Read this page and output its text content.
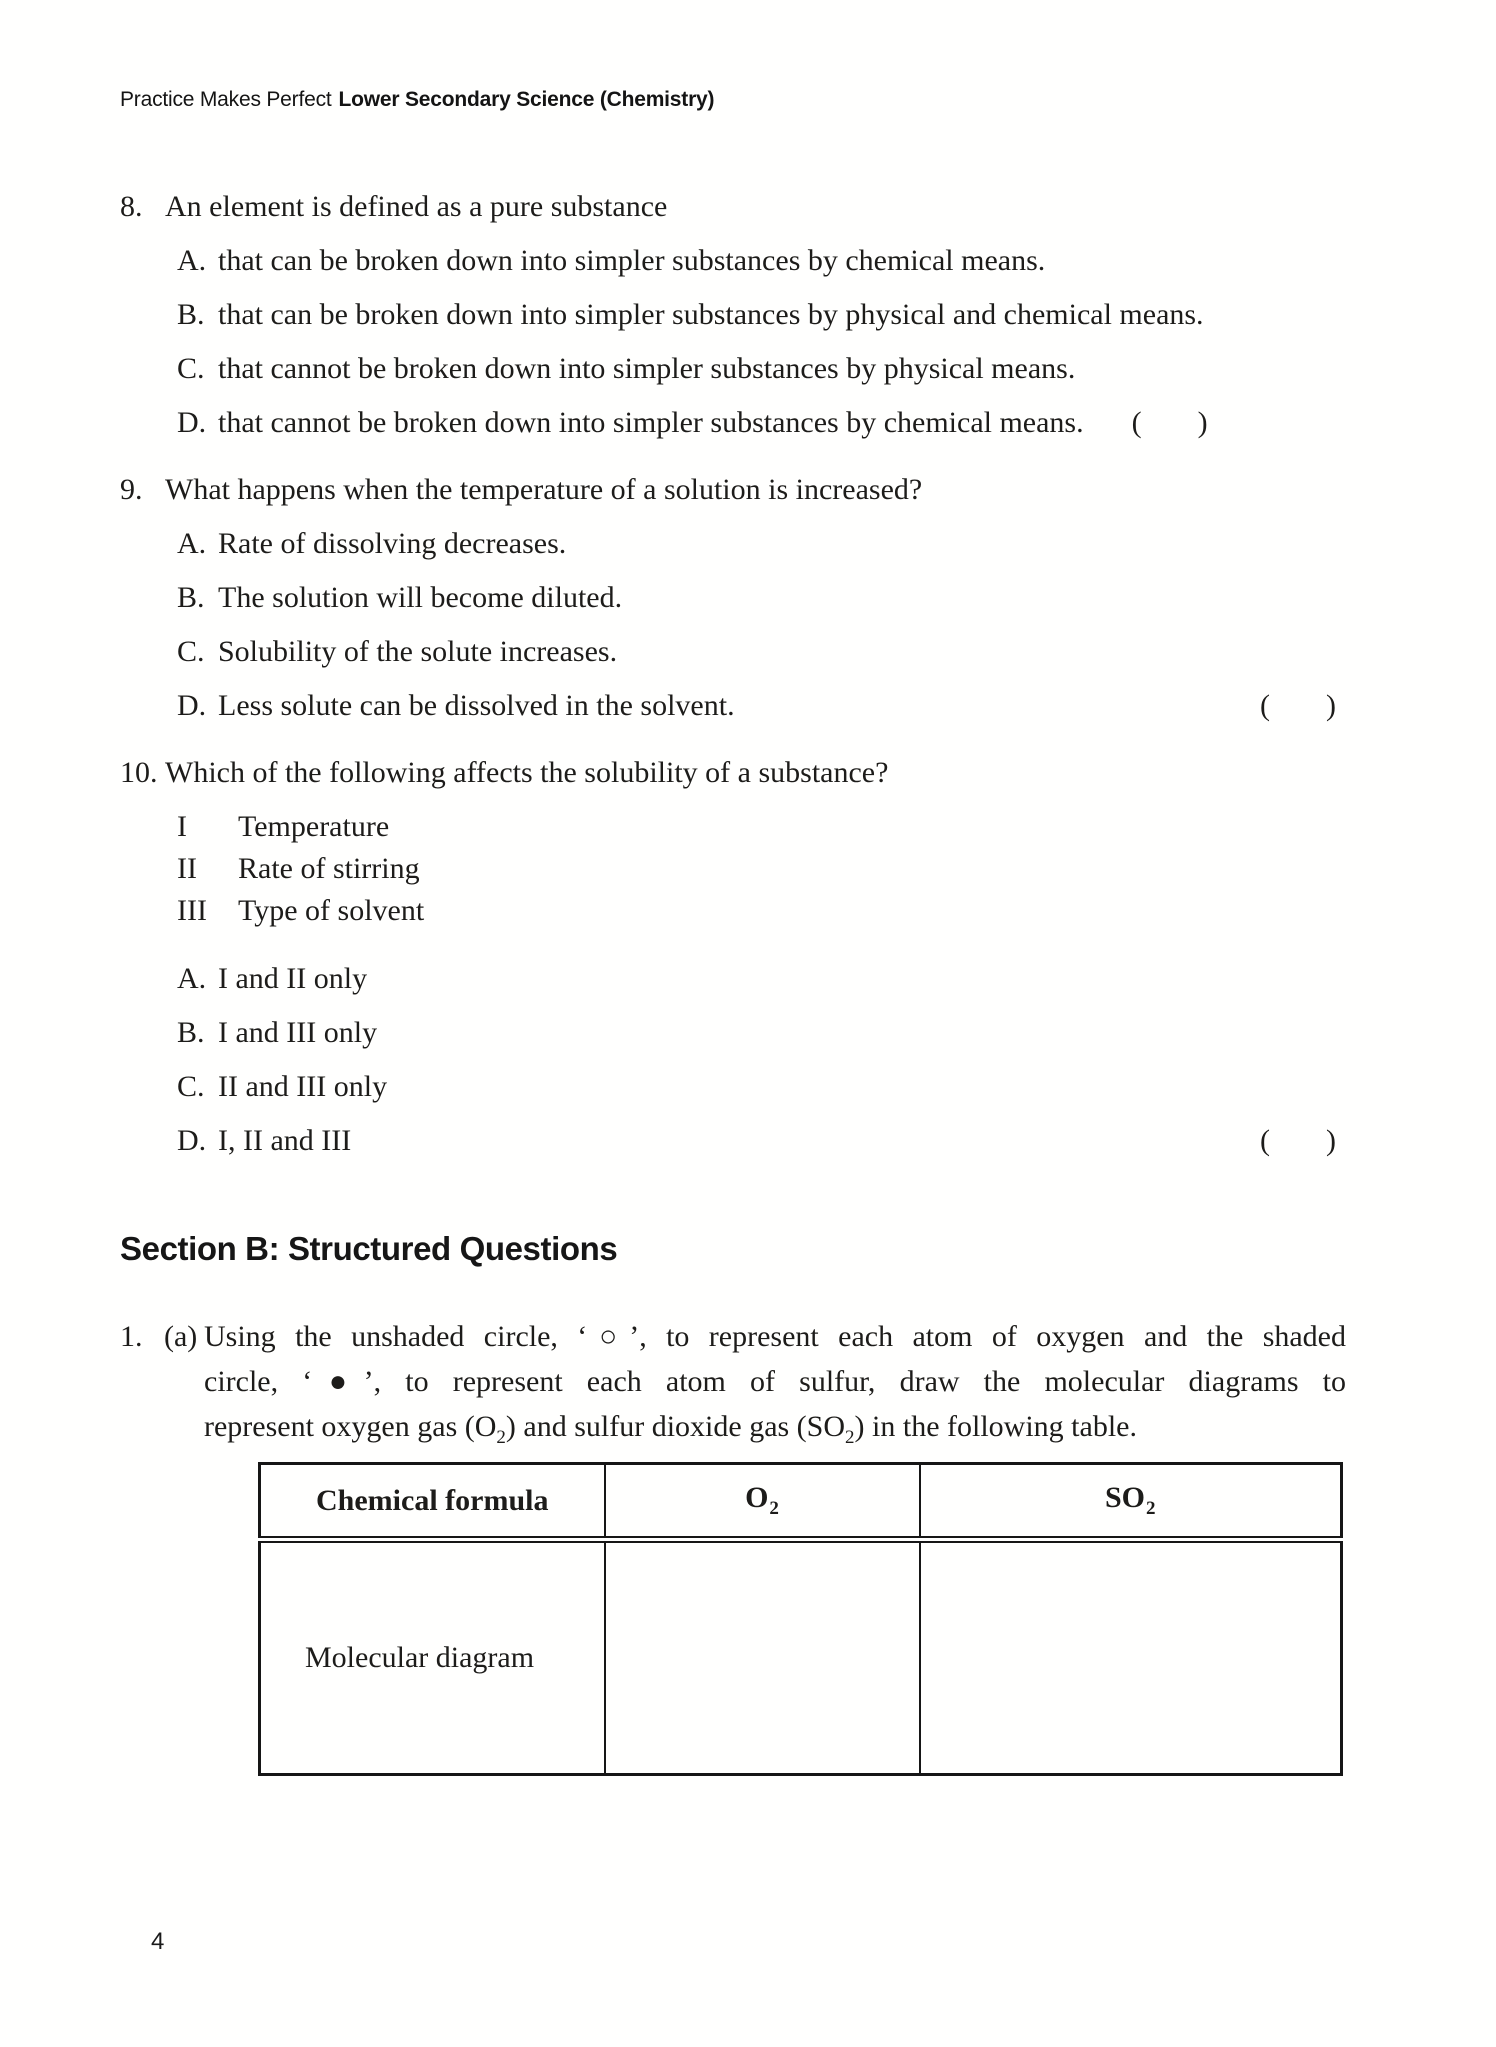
Practice Makes Perfect Lower Secondary Science (Chemistry)
8. An element is defined as a pure substance
A. that can be broken down into simpler substances by chemical means.
B. that can be broken down into simpler substances by physical and chemical means.
C. that cannot be broken down into simpler substances by physical means.
D. that cannot be broken down into simpler substances by chemical means. ( )
9. What happens when the temperature of a solution is increased?
A. Rate of dissolving decreases.
B. The solution will become diluted.
C. Solubility of the solute increases.
D. Less solute can be dissolved in the solvent.	( )
10. Which of the following affects the solubility of a substance?
I	Temperature
II	Rate of stirring
III	Type of solvent
A. I and II only
B. I and III only
C. II and III only
D. I, II and III	( )
Section B: Structured Questions
1. (a) Using the unshaded circle, ‘○’, to represent each atom of oxygen and the shaded
circle, ‘●’, to represent each atom of sulfur, draw the molecular diagrams to
represent oxygen gas $(O_2)$ and sulfur dioxide gas $(SO_2)$ in the following table.
Chemical formula	$O_2$	$SO_2$
Molecular diagram		
4
